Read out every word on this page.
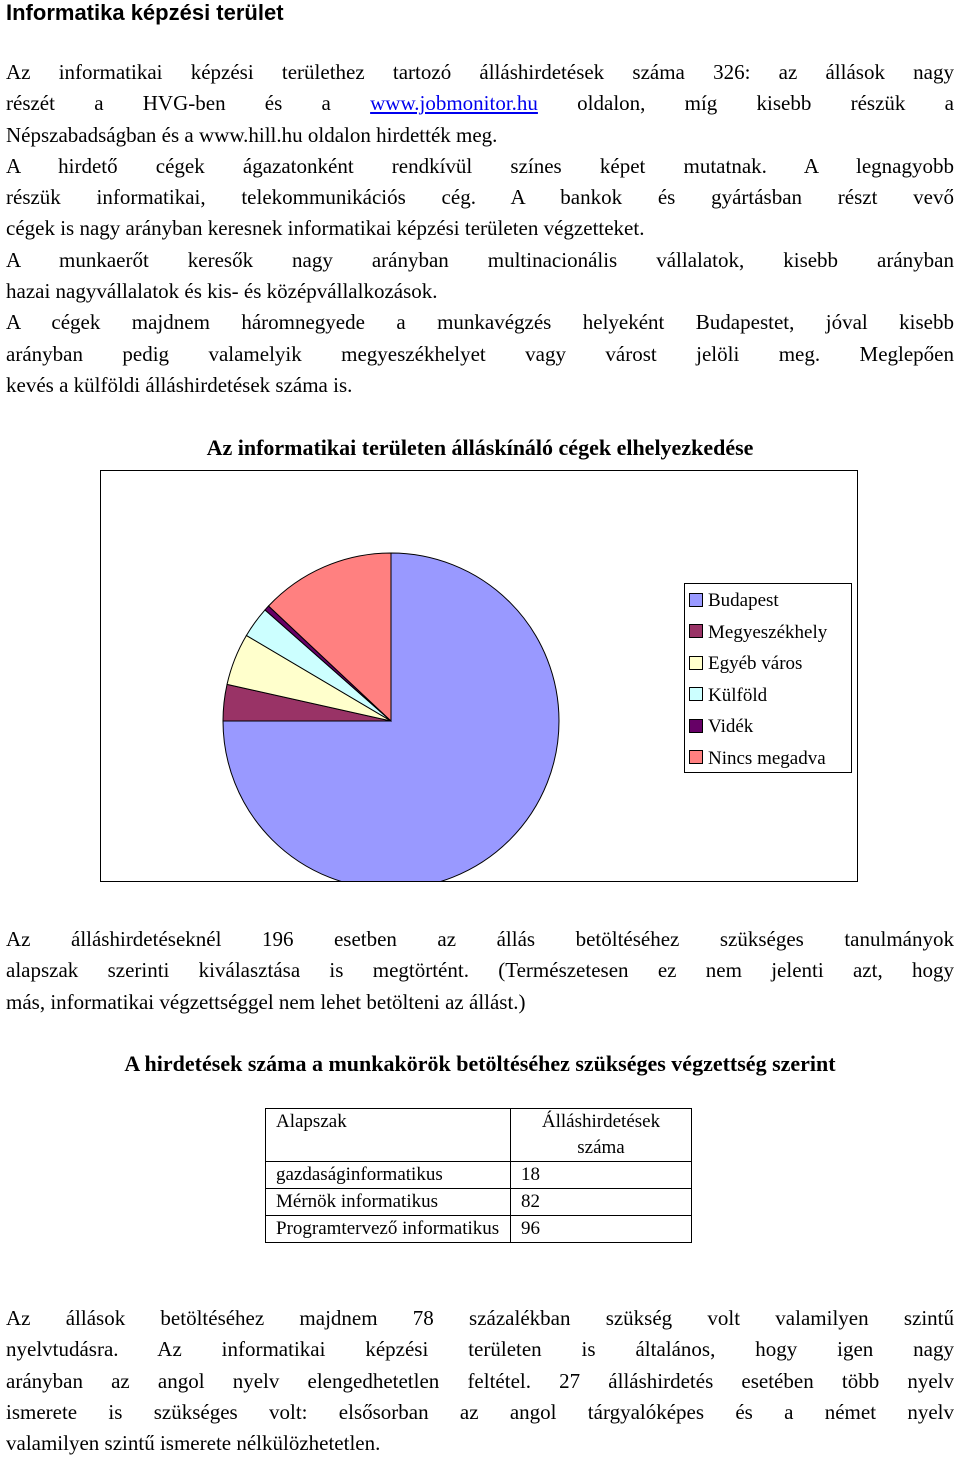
Informatika képzési terület
Az informatikai képzési területhez tartozó álláshirdetések száma 326: az állások nagy
részét a HVG-ben és a www.jobmonitor.hu oldalon, míg kisebb részük a
Népszabadságban és a www.hill.hu oldalon hirdették meg.
A hirdető cégek ágazatonként rendkívül színes képet mutatnak. A legnagyobb
részük informatikai, telekommunikációs cég. A bankok és gyártásban részt vevő
cégek is nagy arányban keresnek informatikai képzési területen végzetteket.
A munkaerőt keresők nagy arányban multinacionális vállalatok, kisebb arányban
hazai nagyvállalatok és kis- és középvállalkozások.
A cégek majdnem háromnegyede a munkavégzés helyeként Budapestet, jóval kisebb
arányban pedig valamelyik megyeszékhelyet vagy várost jelöli meg. Meglepően
kevés a külföldi álláshirdetések száma is.
Az informatikai területen álláskínáló cégek elhelyezkedése
Budapest
Megyeszékhely
Egyéb város
Külföld
Vidék
Nincs megadva
Az álláshirdetéseknél 196 esetben az állás betöltéséhez szükséges tanulmányok
alapszak szerinti kiválasztása is megtörtént. (Természetesen ez nem jelenti azt, hogy
más, informatikai végzettséggel nem lehet betölteni az állást.)
A hirdetések száma a munkakörök betöltéséhez szükséges végzettség szerint
Alapszak	Álláshirdetések száma
gazdaságinformatikus	18
Mérnök informatikus	82
Programtervező informatikus	96
Az állások betöltéséhez majdnem 78 százalékban szükség volt valamilyen szintű
nyelvtudásra. Az informatikai képzési területen is általános, hogy igen nagy
arányban az angol nyelv elengedhetetlen feltétel. 27 álláshirdetés esetében több nyelv
ismerete is szükséges volt: elsősorban az angol tárgyalóképes és a német nyelv
valamilyen szintű ismerete nélkülözhetetlen.
